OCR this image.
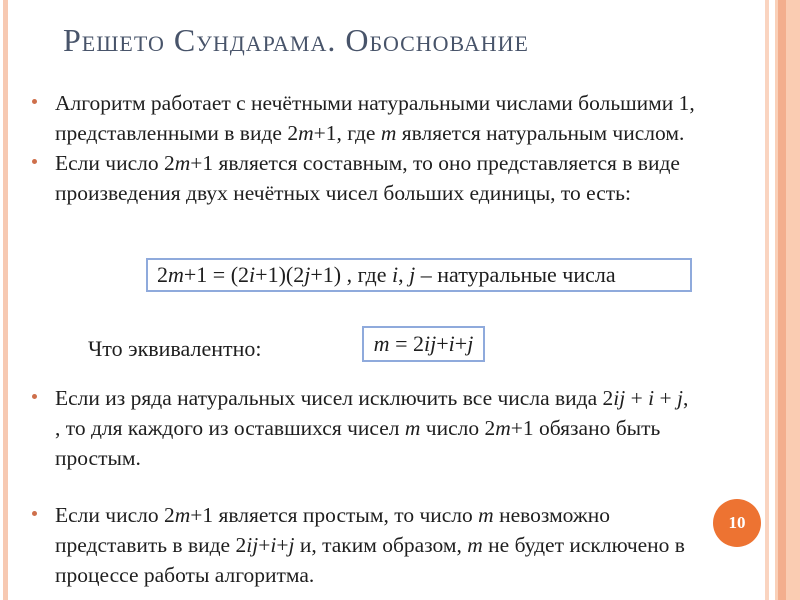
Решето Сундарама. Обоснование
Алгоритм работает с нечётными натуральными числами большими 1,
представленными в виде 2m+1, где m является натуральным числом.
Если число 2m+1 является составным, то оно представляется в виде
произведения двух нечётных чисел больших единицы, то есть:
2m+1 = (2i+1)(2j+1) , где i, j – натуральные числа
Что эквивалентно:	m = 2ij+i+j
Если из ряда натуральных чисел исключить все числа вида 2ij + i + j,
, то для каждого из оставшихся чисел m число 2m+1 обязано быть
простым.
Если число 2m+1 является простым, то число m невозможно
представить в виде 2ij+i+j и, таким образом, m не будет исключено в
процессе работы алгоритма.
10
